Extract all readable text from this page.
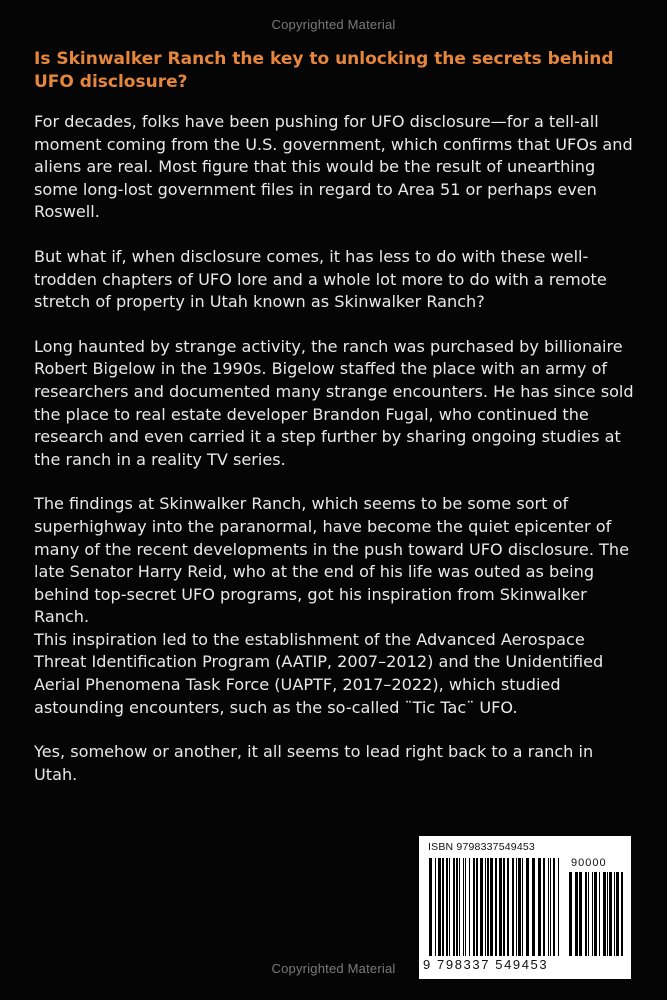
Copyrighted Material
Is Skinwalker Ranch the key to unlocking the secrets behind UFO disclosure?

For decades, folks have been pushing for UFO disclosure—for a tell-all moment coming from the U.S. government, which confirms that UFOs and aliens are real. Most figure that this would be the result of unearthing some long-lost government files in regard to Area 51 or perhaps even Roswell.

But what if, when disclosure comes, it has less to do with these well-trodden chapters of UFO lore and a whole lot more to do with a remote stretch of property in Utah known as Skinwalker Ranch?

Long haunted by strange activity, the ranch was purchased by billionaire Robert Bigelow in the 1990s. Bigelow staffed the place with an army of researchers and documented many strange encounters. He has since sold the place to real estate developer Brandon Fugal, who continued the research and even carried it a step further by sharing ongoing studies at the ranch in a reality TV series.

The findings at Skinwalker Ranch, which seems to be some sort of superhighway into the paranormal, have become the quiet epicenter of many of the recent developments in the push toward UFO disclosure. The late Senator Harry Reid, who at the end of his life was outed as being behind top-secret UFO programs, got his inspiration from Skinwalker Ranch.
This inspiration led to the establishment of the Advanced Aerospace Threat Identification Program (AATIP, 2007–2012) and the Unidentified Aerial Phenomena Task Force (UAPTF, 2017–2022), which studied astounding encounters, such as the so-called ¨Tic Tac¨ UFO.

Yes, somehow or another, it all seems to lead right back to a ranch in Utah.

ISBN 9798337549453
90000
9 798337 549453
Copyrighted Material
